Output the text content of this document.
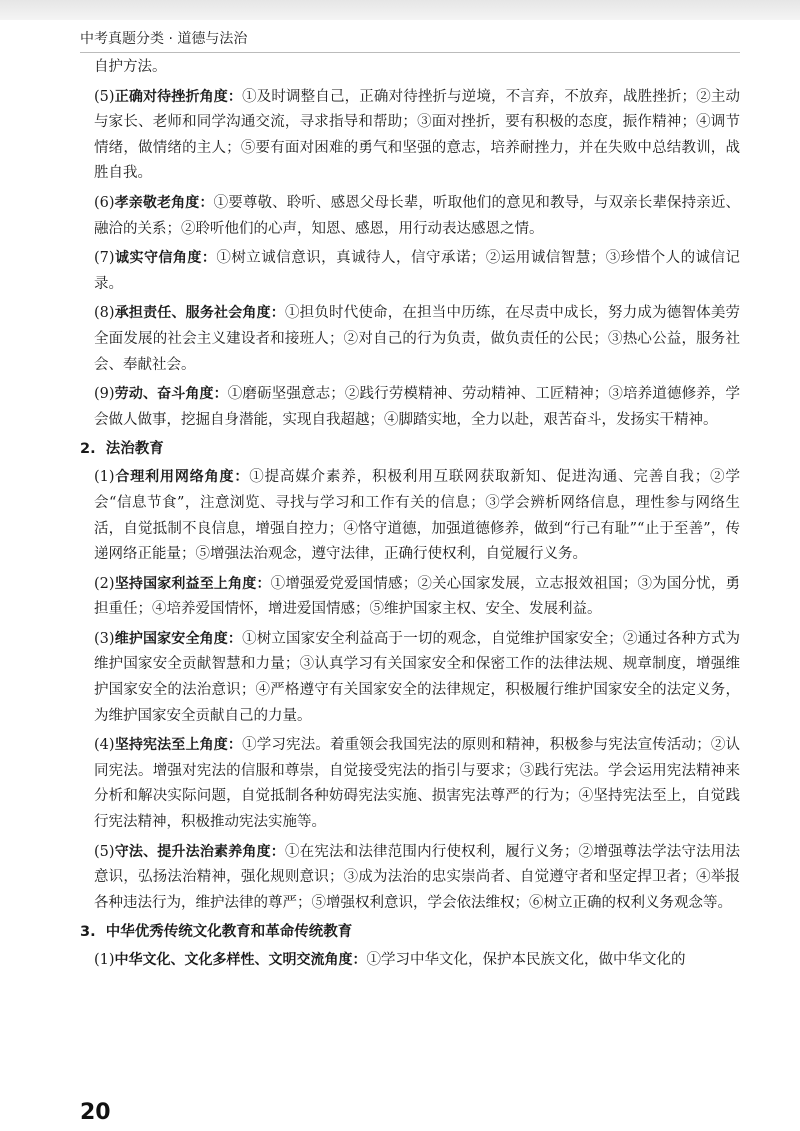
中考真题分类 · 道德与法治

自护方法。

(5)正确对待挫折角度：①及时调整自己，正确对待挫折与逆境，不言弃，不放弃，战胜挫折；②主动与家长、老师和同学沟通交流，寻求指导和帮助；③面对挫折，要有积极的态度，振作精神；④调节情绪，做情绪的主人；⑤要有面对困难的勇气和坚强的意志，培养耐挫力，并在失败中总结教训，战胜自我。

(6)孝亲敬老角度：①要尊敬、聆听、感恩父母长辈，听取他们的意见和教导，与双亲长辈保持亲近、融洽的关系；②聆听他们的心声，知恩、感恩，用行动表达感恩之情。

(7)诚实守信角度：①树立诚信意识，真诚待人，信守承诺；②运用诚信智慧；③珍惜个人的诚信记录。

(8)承担责任、服务社会角度：①担负时代使命，在担当中历练，在尽责中成长，努力成为德智体美劳全面发展的社会主义建设者和接班人；②对自己的行为负责，做负责任的公民；③热心公益，服务社会、奉献社会。

(9)劳动、奋斗角度：①磨砺坚强意志；②践行劳模精神、劳动精神、工匠精神；③培养道德修养，学会做人做事，挖掘自身潜能，实现自我超越；④脚踏实地，全力以赴，艰苦奋斗，发扬实干精神。

2. 法治教育

(1)合理利用网络角度：①提高媒介素养，积极利用互联网获取新知、促进沟通、完善自我；②学会“信息节食”，注意浏览、寻找与学习和工作有关的信息；③学会辨析网络信息，理性参与网络生活，自觉抵制不良信息，增强自控力；④恪守道德，加强道德修养，做到“行己有耻”“止于至善”，传递网络正能量；⑤增强法治观念，遵守法律，正确行使权利，自觉履行义务。

(2)坚持国家利益至上角度：①增强爱党爱国情感；②关心国家发展，立志报效祖国；③为国分忧，勇担重任；④培养爱国情怀，增进爱国情感；⑤维护国家主权、安全、发展利益。

(3)维护国家安全角度：①树立国家安全利益高于一切的观念，自觉维护国家安全；②通过各种方式为维护国家安全贡献智慧和力量；③认真学习有关国家安全和保密工作的法律法规、规章制度，增强维护国家安全的法治意识；④严格遵守有关国家安全的法律规定，积极履行维护国家安全的法定义务，为维护国家安全贡献自己的力量。

(4)坚持宪法至上角度：①学习宪法。着重领会我国宪法的原则和精神，积极参与宪法宣传活动；②认同宪法。增强对宪法的信服和尊崇，自觉接受宪法的指引与要求；③践行宪法。学会运用宪法精神来分析和解决实际问题，自觉抵制各种妨碍宪法实施、损害宪法尊严的行为；④坚持宪法至上，自觉践行宪法精神，积极推动宪法实施等。

(5)守法、提升法治素养角度：①在宪法和法律范围内行使权利，履行义务；②增强尊法学法守法用法意识，弘扬法治精神，强化规则意识；③成为法治的忠实崇尚者、自觉遵守者和坚定捍卫者；④举报各种违法行为，维护法律的尊严；⑤增强权利意识，学会依法维权；⑥树立正确的权利义务观念等。

3. 中华优秀传统文化教育和革命传统教育

(1)中华文化、文化多样性、文明交流角度：①学习中华文化，保护本民族文化，做中华文化的

20
